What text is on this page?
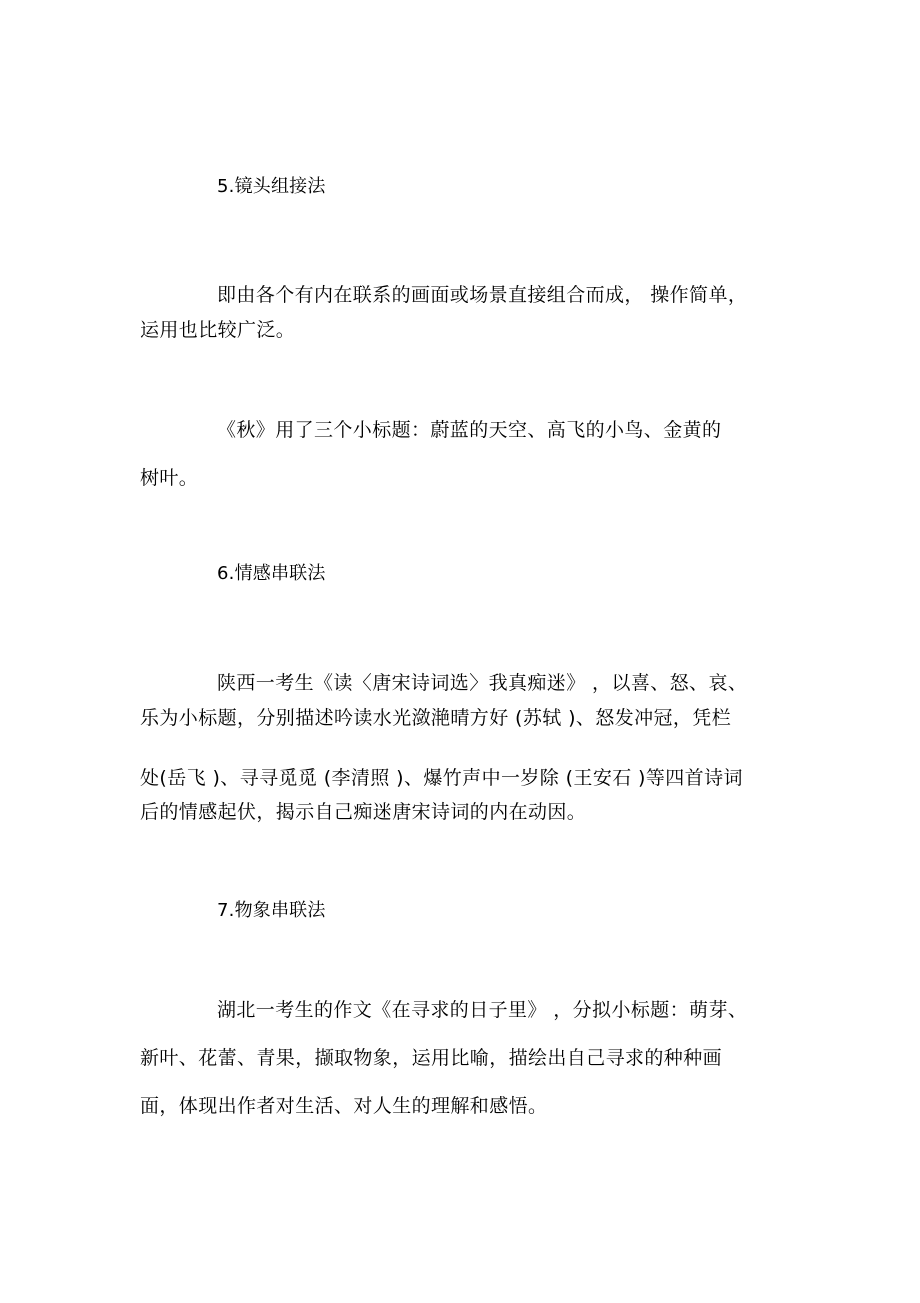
5.镜头组接法
即由各个有内在联系的画面或场景直接组合而成， 操作简单，
运用也比较广泛。
《秋》用了三个小标题：蔚蓝的天空、高飞的小鸟、金黄的
树叶。
6.情感串联法
陕西一考生《读〈唐宋诗词选〉我真痴迷》 ，以喜、怒、哀、
乐为小标题，分别描述吟读水光潋滟晴方好 (苏轼 )、怒发冲冠，凭栏
处(岳飞 )、寻寻觅觅 (李清照 )、爆竹声中一岁除 (王安石 )等四首诗词
后的情感起伏，揭示自己痴迷唐宋诗词的内在动因。
7.物象串联法
湖北一考生的作文《在寻求的日子里》 ，分拟小标题：萌芽、
新叶、花蕾、青果，撷取物象，运用比喻，描绘出自己寻求的种种画
面，体现出作者对生活、对人生的理解和感悟。
